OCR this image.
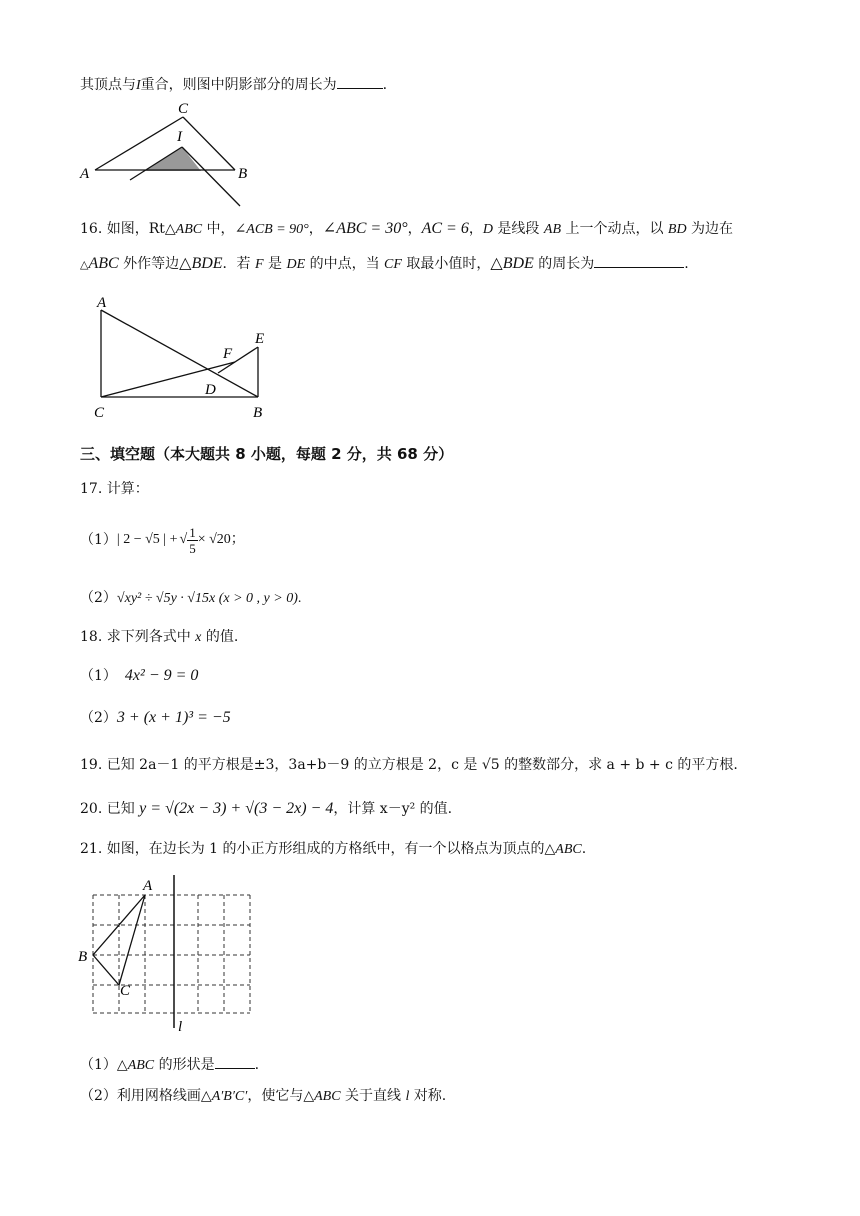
其顶点与I重合，则图中阴影部分的周长为	.
C
I
A	B
16. 如图，Rt△ABC 中，∠ACB = 90°，∠ABC = 30°，AC = 6，D 是线段 AB 上一个动点，以 BD 为边在
△ABC 外作等边△BDE．若 F 是 DE 的中点，当 CF 取最小值时，△BDE 的周长为	.
A
E
F
D
C	B
三、填空题（本大题共 8 小题，每题 2 分，共 68 分）
17. 计算：
（1） | 2 − √5 | + √ $\frac{1}{5} \times √20$ ；
（2）√xy² ÷ √5y · √15x (x > 0 , y > 0).
18. 求下列各式中 x 的值.
（1） 4x² − 9 = 0
（2）3 + (x + 1)³ = −5
19. 已知 2a－1 的平方根是±3，3a+b－9 的立方根是 2，c 是 √5 的整数部分，求 a + b + c 的平方根.
20. 已知 y = √(2x − 3) + √(3 − 2x) − 4，计算 x－y² 的值.
21. 如图，在边长为 1 的小正方形组成的方格纸中，有一个以格点为顶点的△ABC.
A
B
C
l
（1）△ABC 的形状是	.
（2）利用网格线画△A′B′C′，使它与△ABC 关于直线 l 对称.
